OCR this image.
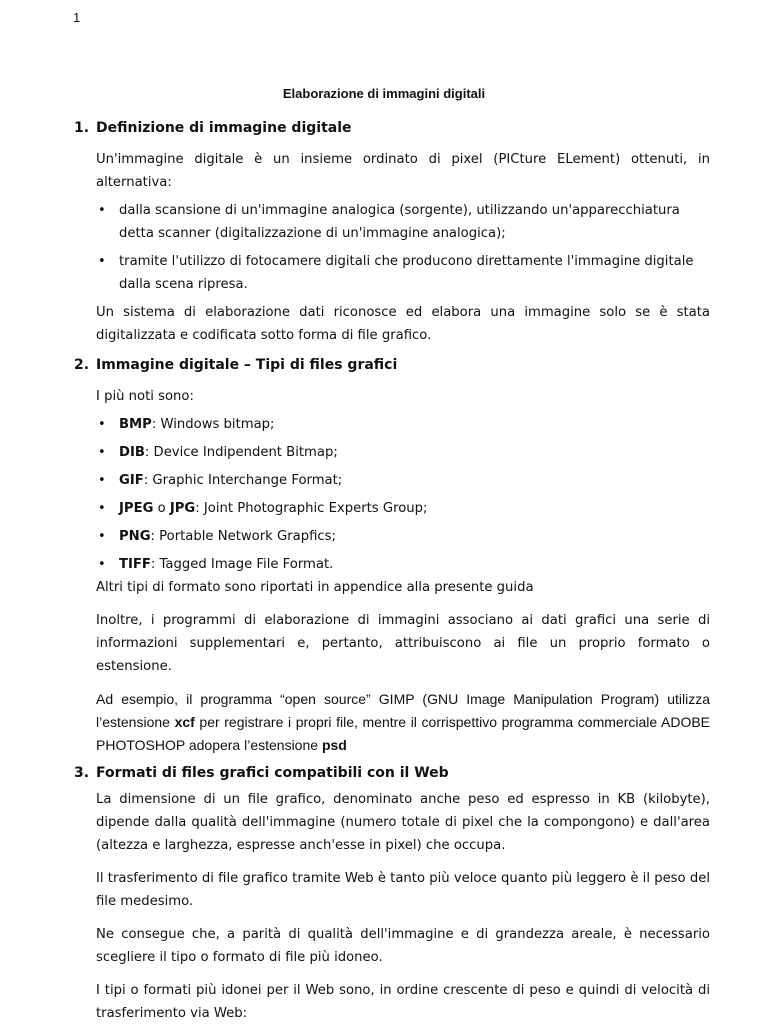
1
Elaborazione di immagini digitali
1. Definizione di immagine digitale

Un'immagine digitale è un insieme ordinato di pixel (PICture ELement) ottenuti, in alternativa:

• dalla scansione di un'immagine analogica (sorgente), utilizzando un'apparecchiatura detta scanner (digitalizzazione di un'immagine analogica);
• tramite l'utilizzo di fotocamere digitali che producono direttamente l'immagine digitale dalla scena ripresa.

Un sistema di elaborazione dati riconosce ed elabora una immagine solo se è stata digitalizzata e codificata sotto forma di file grafico.

2. Immagine digitale – Tipi di files grafici

I più noti sono:

• BMP: Windows bitmap;
• DIB: Device Indipendent Bitmap;
• GIF: Graphic Interchange Format;
• JPEG o JPG: Joint Photographic Experts Group;
• PNG: Portable Network Grapfics;
• TIFF: Tagged Image File Format.

Altri tipi di formato sono riportati in appendice alla presente guida

Inoltre, i programmi di elaborazione di immagini associano ai dati grafici una serie di informazioni supplementari e, pertanto, attribuiscono ai file un proprio formato o estensione.

Ad esempio, il programma “open source” GIMP (GNU Image Manipulation Program) utilizza l’estensione xcf per registrare i propri file, mentre il corrispettivo programma commerciale ADOBE PHOTOSHOP adopera l’estensione psd

3. Formati di files grafici compatibili con il Web

La dimensione di un file grafico, denominato anche peso ed espresso in KB (kilobyte), dipende dalla qualità dell'immagine (numero totale di pixel che la compongono) e dall'area (altezza e larghezza, espresse anch'esse in pixel) che occupa.

Il trasferimento di file grafico tramite Web è tanto più veloce quanto più leggero è il peso del file medesimo.

Ne consegue che, a parità di qualità dell'immagine e di grandezza areale, è necessario scegliere il tipo o formato di file più idoneo.

I tipi o formati più idonei per il Web sono, in ordine crescente di peso e quindi di velocità di trasferimento via Web:
